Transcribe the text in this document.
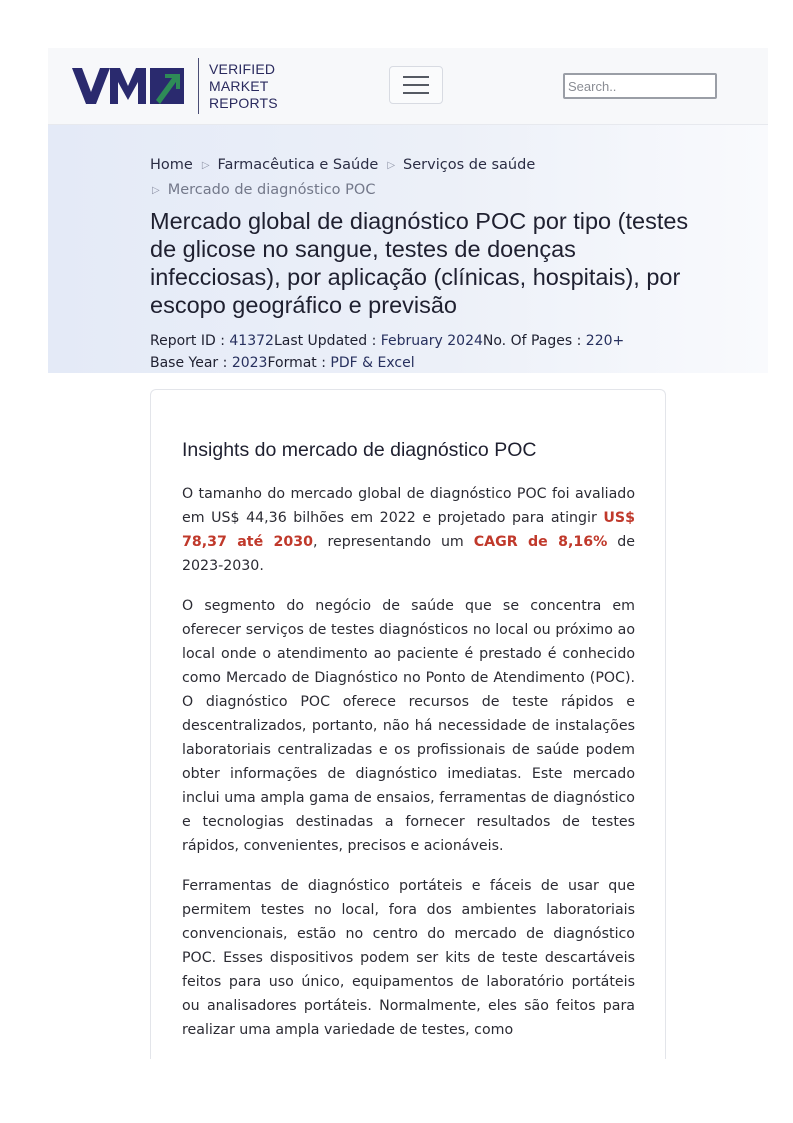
VERIFIED
MARKET
REPORTS
Search..
Home ▷ Farmacêutica e Saúde ▷ Serviços de saúde
▷ Mercado de diagnóstico POC
Mercado global de diagnóstico POC por tipo (testes de glicose no sangue, testes de doenças infecciosas), por aplicação (clínicas, hospitais), por escopo geográfico e previsão
Report ID : 41372Last Updated : February 2024No. Of Pages : 220+
Base Year : 2023Format : PDF & Excel
Insights do mercado de diagnóstico POC

O tamanho do mercado global de diagnóstico POC foi avaliado em US$ 44,36 bilhões em 2022 e projetado para atingir US$ 78,37 até 2030, representando um CAGR de 8,16% de 2023-2030.

O segmento do negócio de saúde que se concentra em oferecer serviços de testes diagnósticos no local ou próximo ao local onde o atendimento ao paciente é prestado é conhecido como Mercado de Diagnóstico no Ponto de Atendimento (POC). O diagnóstico POC oferece recursos de teste rápidos e descentralizados, portanto, não há necessidade de instalações laboratoriais centralizadas e os profissionais de saúde podem obter informações de diagnóstico imediatas. Este mercado inclui uma ampla gama de ensaios, ferramentas de diagnóstico e tecnologias destinadas a fornecer resultados de testes rápidos, convenientes, precisos e acionáveis.

Ferramentas de diagnóstico portáteis e fáceis de usar que permitem testes no local, fora dos ambientes laboratoriais convencionais, estão no centro do mercado de diagnóstico POC. Esses dispositivos podem ser kits de teste descartáveis feitos para uso único, equipamentos de laboratório portáteis ou analisadores portáteis. Normalmente, eles são feitos para realizar uma ampla variedade de testes, como
